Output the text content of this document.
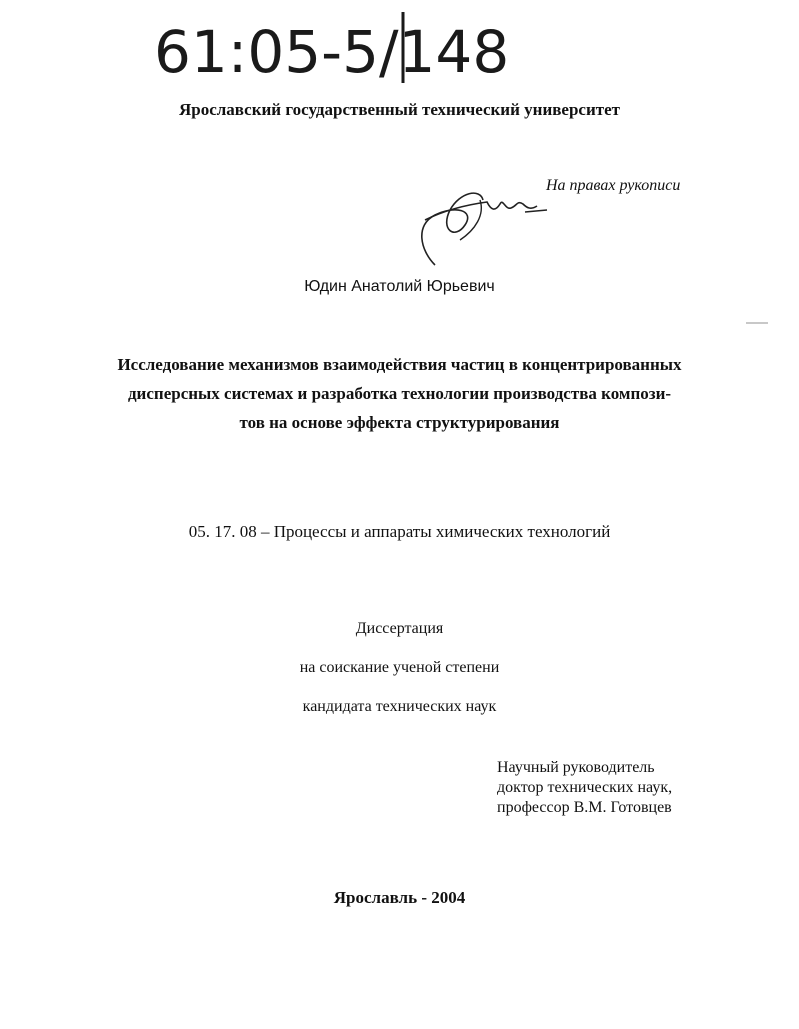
61:05-5/148
Ярославский государственный технический университет
На правах рукописи
Юдин Анатолий Юрьевич
Исследование механизмов взаимодействия частиц в концентрированных
дисперсных системах и разработка технологии производства компози-
тов на основе эффекта структурирования
05. 17. 08 – Процессы и аппараты химических технологий
Диссертация
на соискание ученой степени
кандидата технических наук
Научный руководитель
доктор технических наук,
профессор В.М. Готовцев
Ярославль - 2004
